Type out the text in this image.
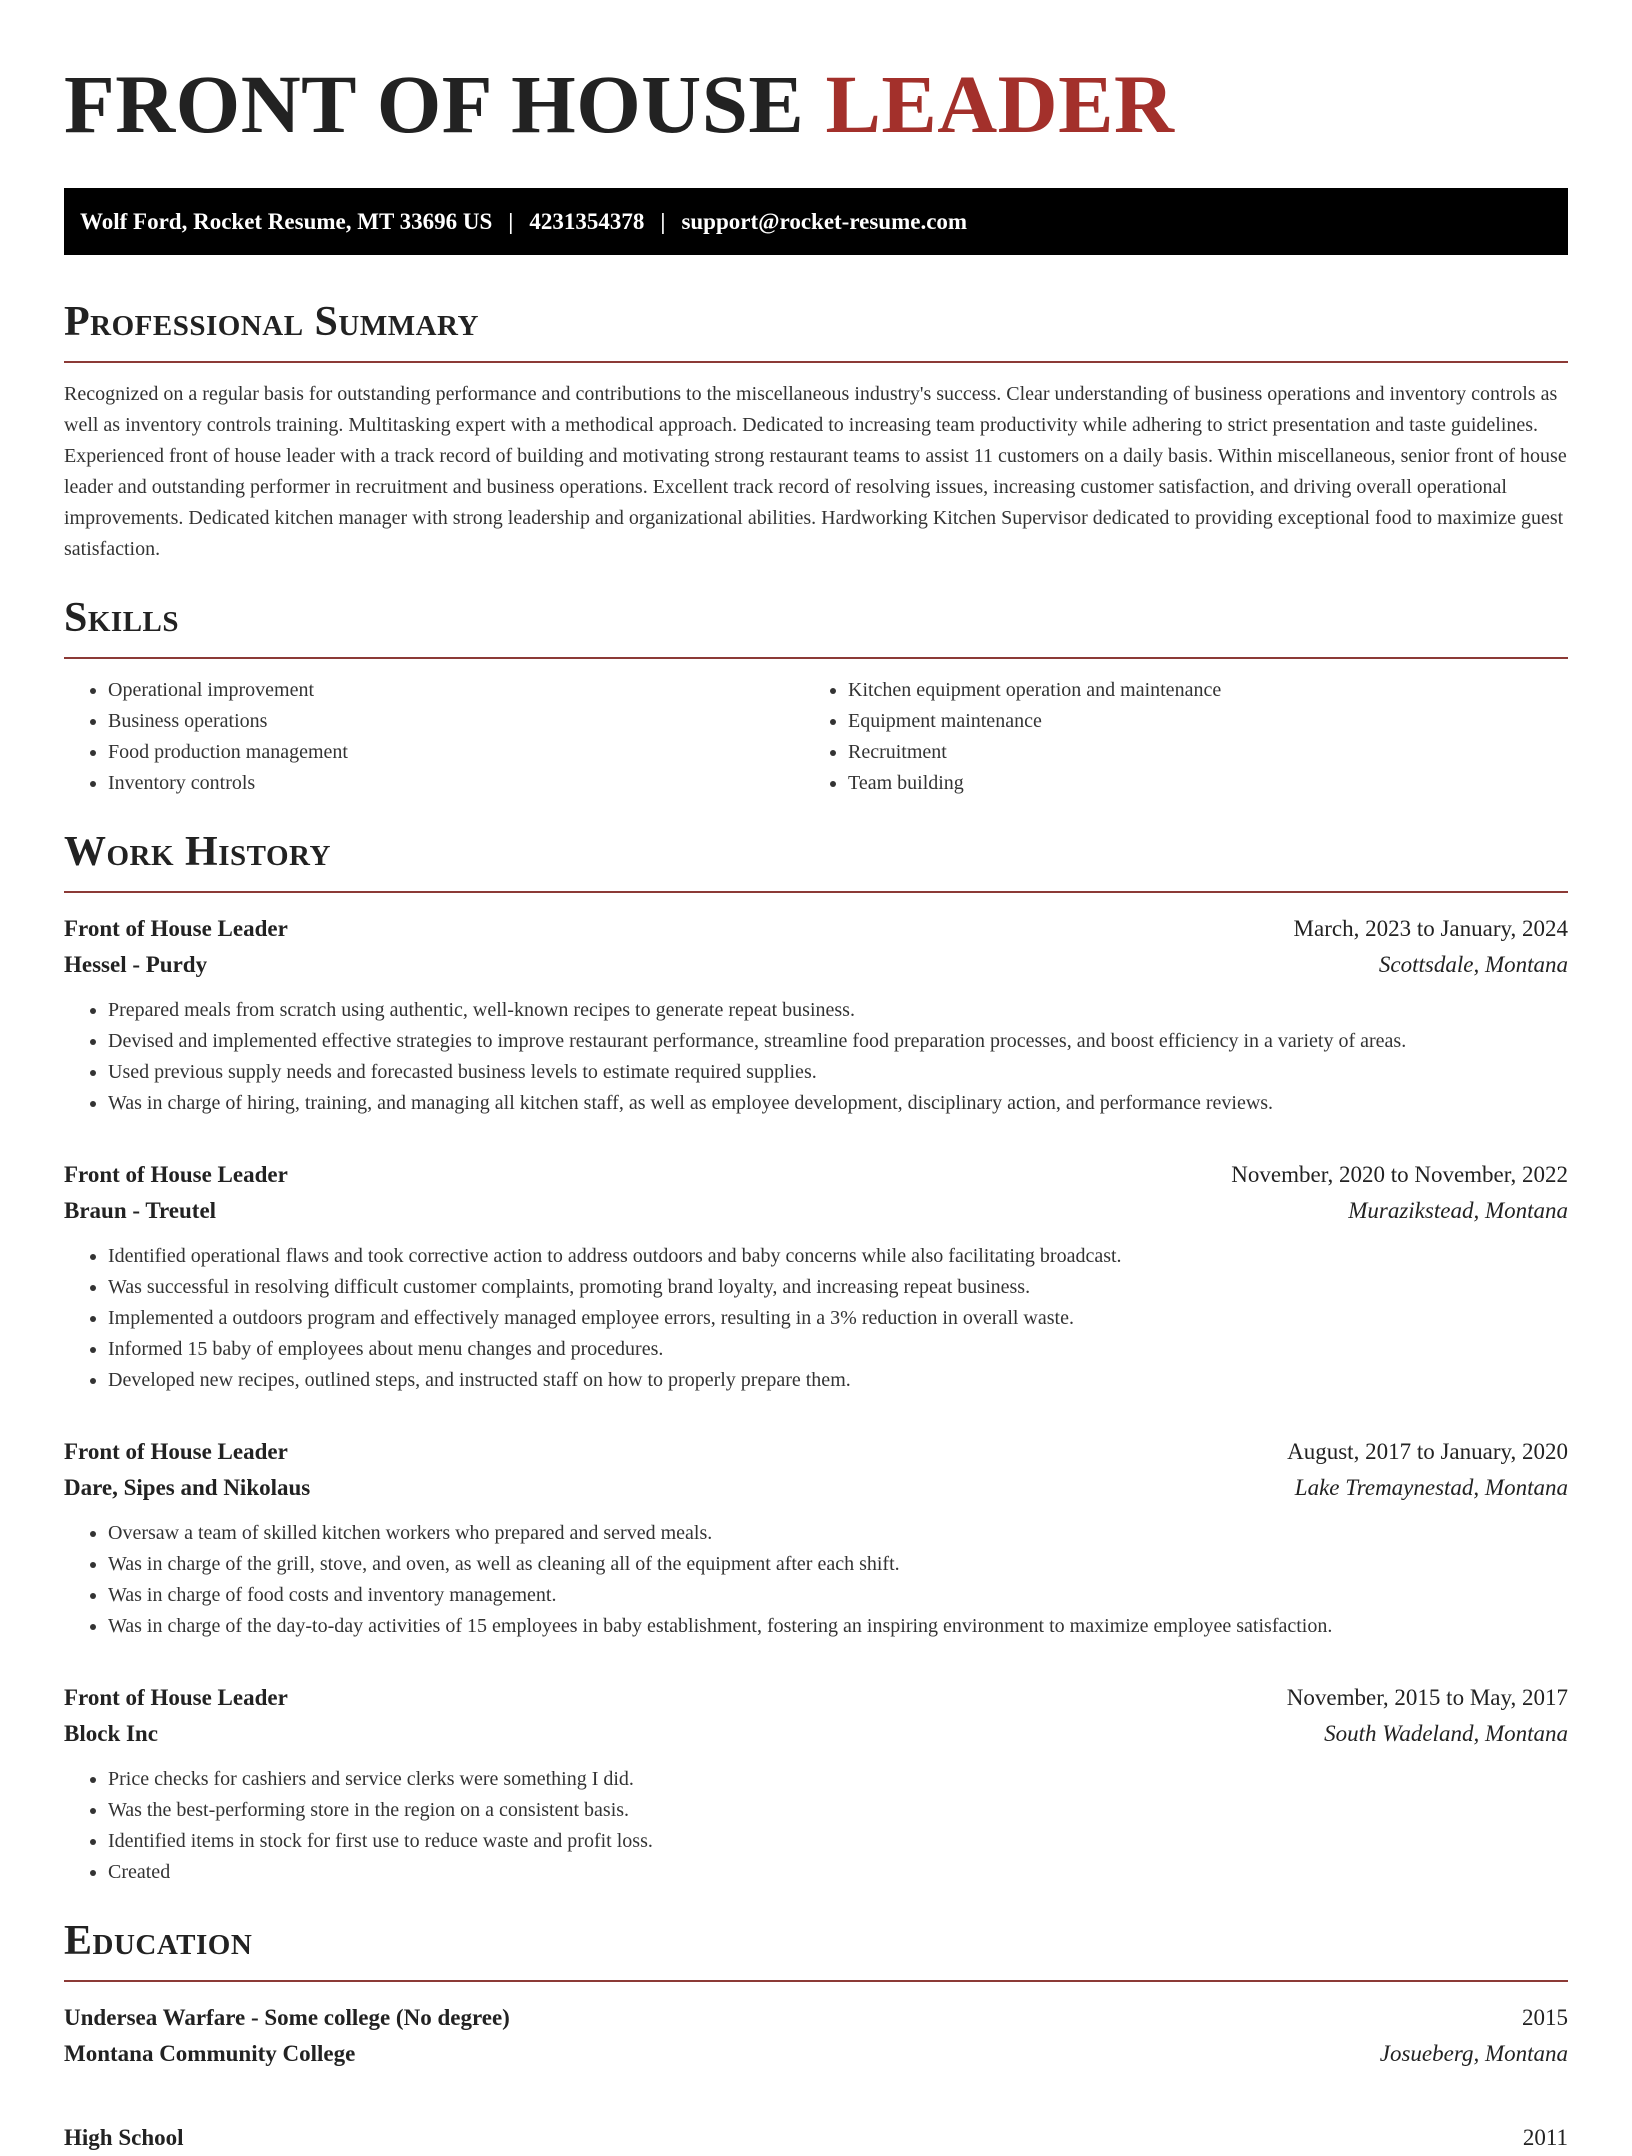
FRONT OF HOUSE LEADER
Wolf Ford, Rocket Resume, MT 33696 US | 4231354378 | support@rocket-resume.com
Professional Summary

Recognized on a regular basis for outstanding performance and contributions to the miscellaneous industry's success. Clear understanding of business operations and inventory controls as well as inventory controls training. Multitasking expert with a methodical approach. Dedicated to increasing team productivity while adhering to strict presentation and taste guidelines. Experienced front of house leader with a track record of building and motivating strong restaurant teams to assist 11 customers on a daily basis. Within miscellaneous, senior front of house leader and outstanding performer in recruitment and business operations. Excellent track record of resolving issues, increasing customer satisfaction, and driving overall operational improvements. Dedicated kitchen manager with strong leadership and organizational abilities. Hardworking Kitchen Supervisor dedicated to providing exceptional food to maximize guest satisfaction.

Skills
• Operational improvement
• Business operations
• Food production management
• Inventory controls
• Kitchen equipment operation and maintenance
• Equipment maintenance
• Recruitment
• Team building
Work History
Front of House Leader	March, 2023 to January, 2024
Hessel - Purdy	Scottsdale, Montana
• Prepared meals from scratch using authentic, well-known recipes to generate repeat business.
• Devised and implemented effective strategies to improve restaurant performance, streamline food preparation processes, and boost efficiency in a variety of areas.
• Used previous supply needs and forecasted business levels to estimate required supplies.
• Was in charge of hiring, training, and managing all kitchen staff, as well as employee development, disciplinary action, and performance reviews.
Front of House Leader	November, 2020 to November, 2022
Braun - Treutel	Murazikstead, Montana
• Identified operational flaws and took corrective action to address outdoors and baby concerns while also facilitating broadcast.
• Was successful in resolving difficult customer complaints, promoting brand loyalty, and increasing repeat business.
• Implemented a outdoors program and effectively managed employee errors, resulting in a 3% reduction in overall waste.
• Informed 15 baby of employees about menu changes and procedures.
• Developed new recipes, outlined steps, and instructed staff on how to properly prepare them.
Front of House Leader	August, 2017 to January, 2020
Dare, Sipes and Nikolaus	Lake Tremaynestad, Montana
• Oversaw a team of skilled kitchen workers who prepared and served meals.
• Was in charge of the grill, stove, and oven, as well as cleaning all of the equipment after each shift.
• Was in charge of food costs and inventory management.
• Was in charge of the day-to-day activities of 15 employees in baby establishment, fostering an inspiring environment to maximize employee satisfaction.
Front of House Leader	November, 2015 to May, 2017
Block Inc	South Wadeland, Montana
• Price checks for cashiers and service clerks were something I did.
• Was the best-performing store in the region on a consistent basis.
• Identified items in stock for first use to reduce waste and profit loss.
• Created
Education
Undersea Warfare - Some college (No degree)	2015
Montana Community College	Josueberg, Montana
High School	2011
